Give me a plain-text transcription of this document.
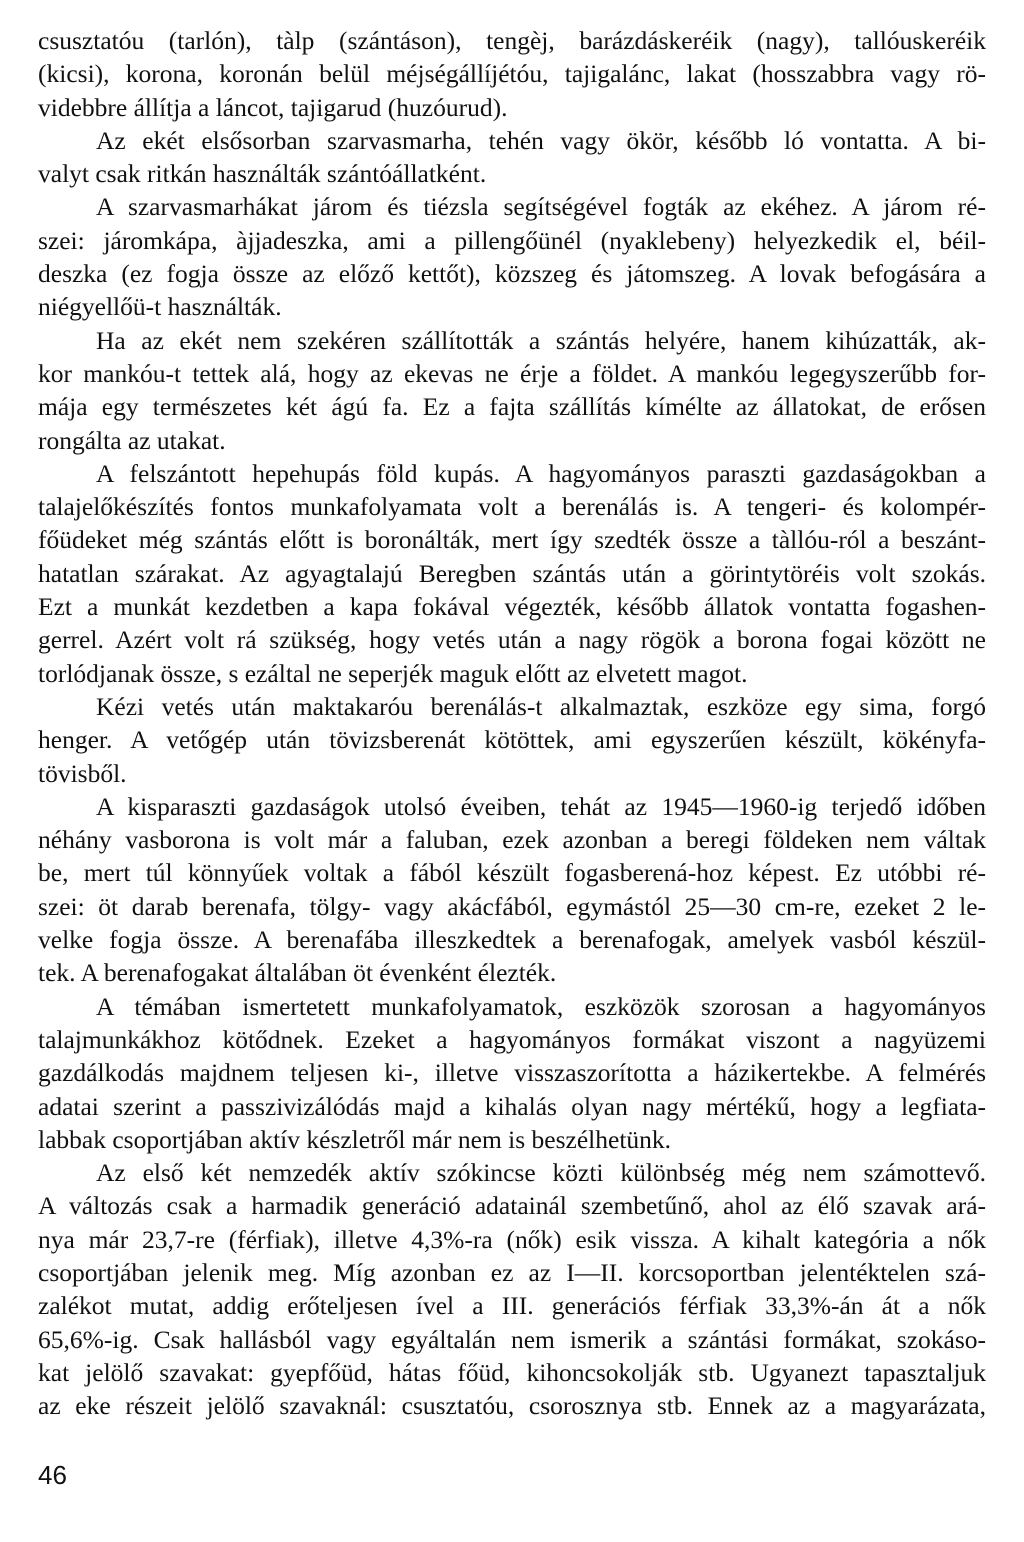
csusztatóu (tarlón), tàlp (szántáson), tengèj, barázdáskeréik (nagy), tallóuskeréik
(kicsi), korona, koronán belül méjségállíjétóu, tajigalánc, lakat (hosszabbra vagy rö-
videbbre állítja a láncot, tajigarud (huzóurud).
Az ekét elsősorban szarvasmarha, tehén vagy ökör, később ló vontatta. A bi-
valyt csak ritkán használták szántóállatként.
A szarvasmarhákat járom és tiézsla segítségével fogták az ekéhez. A járom ré-
szei: járomkápa, àjjadeszka, ami a pillengőünél (nyaklebeny) helyezkedik el, béil-
deszka (ez fogja össze az előző kettőt), közszeg és játomszeg. A lovak befogására a
niégyellőü-t használták.
Ha az ekét nem szekéren szállították a szántás helyére, hanem kihúzatták, ak-
kor mankóu-t tettek alá, hogy az ekevas ne érje a földet. A mankóu legegyszerűbb for-
mája egy természetes két ágú fa. Ez a fajta szállítás kímélte az állatokat, de erősen
rongálta az utakat.
A felszántott hepehupás föld kupás. A hagyományos paraszti gazdaságokban a
talajelőkészítés fontos munkafolyamata volt a berenálás is. A tengeri- és kolompér-
főüdeket még szántás előtt is boronálták, mert így szedték össze a tàllóu-ról a beszánt-
hatatlan szárakat. Az agyagtalajú Beregben szántás után a görintytöréis volt szokás.
Ezt a munkát kezdetben a kapa fokával végezték, később állatok vontatta fogashen-
gerrel. Azért volt rá szükség, hogy vetés után a nagy rögök a borona fogai között ne
torlódjanak össze, s ezáltal ne seperjék maguk előtt az elvetett magot.
Kézi vetés után maktakaróu berenálás-t alkalmaztak, eszköze egy sima, forgó
henger. A vetőgép után tövizsberenát kötöttek, ami egyszerűen készült, kökényfa-
tövisből.
A kisparaszti gazdaságok utolsó éveiben, tehát az 1945—1960-ig terjedő időben
néhány vasborona is volt már a faluban, ezek azonban a beregi földeken nem váltak
be, mert túl könnyűek voltak a fából készült fogasberená-hoz képest. Ez utóbbi ré-
szei: öt darab berenafa, tölgy- vagy akácfából, egymástól 25—30 cm-re, ezeket 2 le-
velke fogja össze. A berenafába illeszkedtek a berenafogak, amelyek vasból készül-
tek. A berenafogakat általában öt évenként élezték.
A témában ismertetett munkafolyamatok, eszközök szorosan a hagyományos
talajmunkákhoz kötődnek. Ezeket a hagyományos formákat viszont a nagyüzemi
gazdálkodás majdnem teljesen ki-, illetve visszaszorította a házikertekbe. A felmérés
adatai szerint a passzivizálódás majd a kihalás olyan nagy mértékű, hogy a legfiata-
labbak csoportjában aktív készletről már nem is beszélhetünk.
Az első két nemzedék aktív szókincse közti különbség még nem számottevő.
A változás csak a harmadik generáció adatainál szembetűnő, ahol az élő szavak ará-
nya már 23,7-re (férfiak), illetve 4,3%-ra (nők) esik vissza. A kihalt kategória a nők
csoportjában jelenik meg. Míg azonban ez az I—II. korcsoportban jelentéktelen szá-
zalékot mutat, addig erőteljesen ível a III. generációs férfiak 33,3%-án át a nők
65,6%-ig. Csak hallásból vagy egyáltalán nem ismerik a szántási formákat, szokáso-
kat jelölő szavakat: gyepfőüd, hátas főüd, kihoncsokolják stb. Ugyanezt tapasztaljuk
az eke részeit jelölő szavaknál: csusztatóu, csorosznya stb. Ennek az a magyarázata,
46
